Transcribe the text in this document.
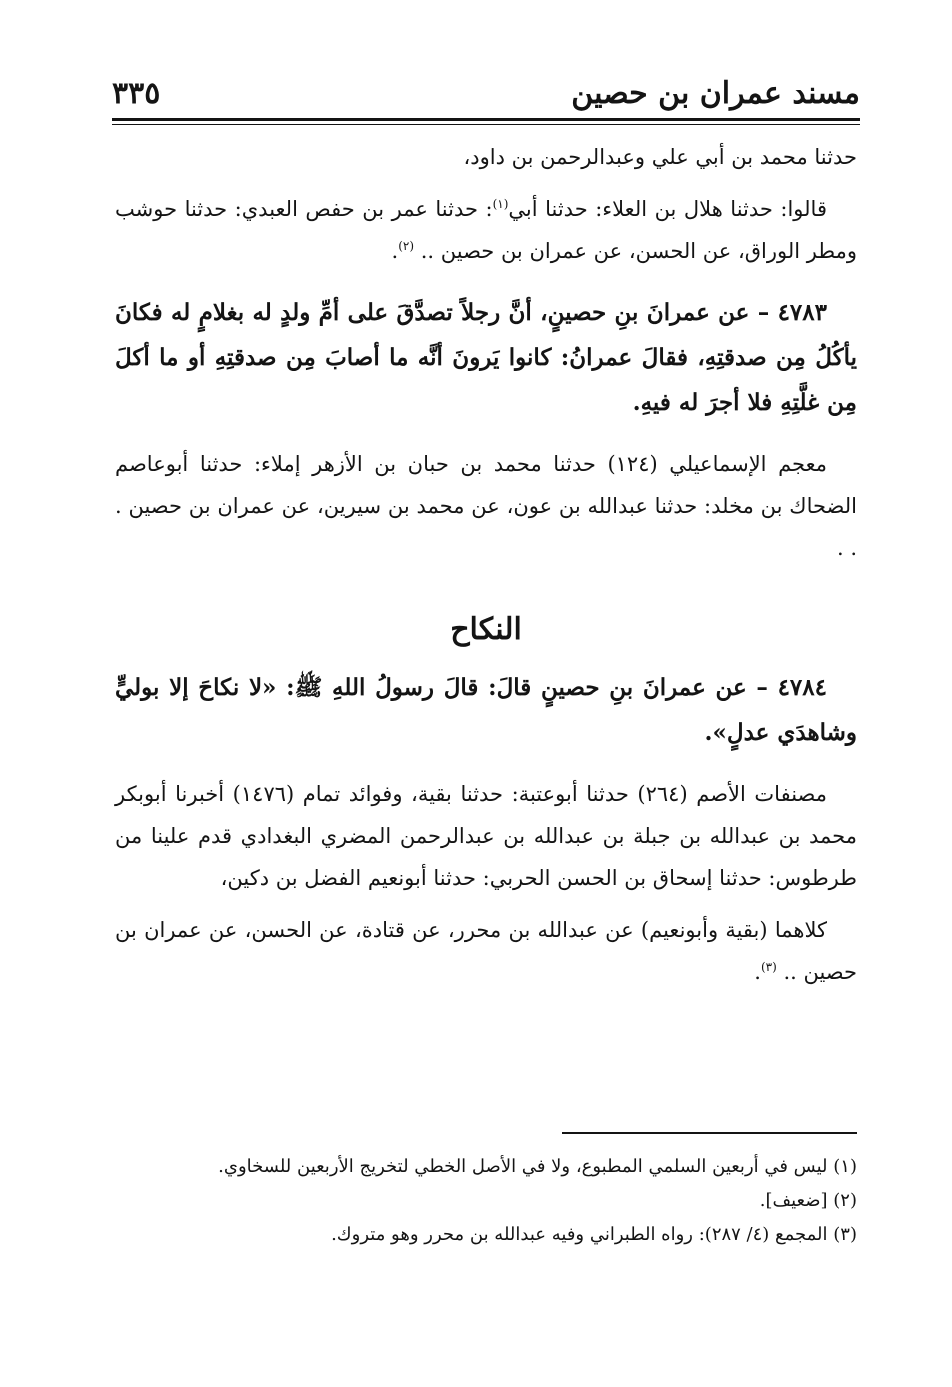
مسند عمران بن حصين
٣٣٥

حدثنا محمد بن أبي علي وعبدالرحمن بن داود،

قالوا: حدثنا هلال بن العلاء: حدثنا أبي$^{(١)}$: حدثنا عمر بن حفص العبدي: حدثنا حوشب ومطر الوراق، عن الحسن، عن عمران بن حصين .. $^{(٢)}$.

٤٧٨٣ – عن عمرانَ بنِ حصينٍ، أنَّ رجلاً تصدَّقَ على أمِّ ولدٍ له بغلامٍ له فكانَ يأكُلُ مِن صدقتِهِ، فقالَ عمرانُ: كانوا يَرونَ أنَّه ما أصابَ مِن صدقتِهِ أو ما أكلَ مِن غلَّتِهِ فلا أجرَ له فيهِ.

معجم الإسماعيلي (١٢٤) حدثنا محمد بن حبان بن الأزهر إملاء: حدثنا أبوعاصم الضحاك بن مخلد: حدثنا عبدالله بن عون، عن محمد بن سيرين، عن عمران بن حصين . . .

النكاح

٤٧٨٤ – عن عمرانَ بنِ حصينٍ قالَ: قالَ رسولُ اللهِ ﷺ: «لا نكاحَ إلا بوليٍّ وشاهدَي عدلٍ».

مصنفات الأصم (٢٦٤) حدثنا أبوعتبة: حدثنا بقية، وفوائد تمام (١٤٧٦) أخبرنا أبوبكر محمد بن عبدالله بن جبلة بن عبدالله بن عبدالرحمن المضري البغدادي قدم علينا من طرطوس: حدثنا إسحاق بن الحسن الحربي: حدثنا أبونعيم الفضل بن دكين،

كلاهما (بقية وأبونعيم) عن عبدالله بن محرر، عن قتادة، عن الحسن، عن عمران بن حصين .. $^{(٣)}$.

(١) ليس في أربعين السلمي المطبوع، ولا في الأصل الخطي لتخريج الأربعين للسخاوي.

(٢) [ضعيف].

(٣) المجمع (٤/ ٢٨٧): رواه الطبراني وفيه عبدالله بن محرر وهو متروك.
